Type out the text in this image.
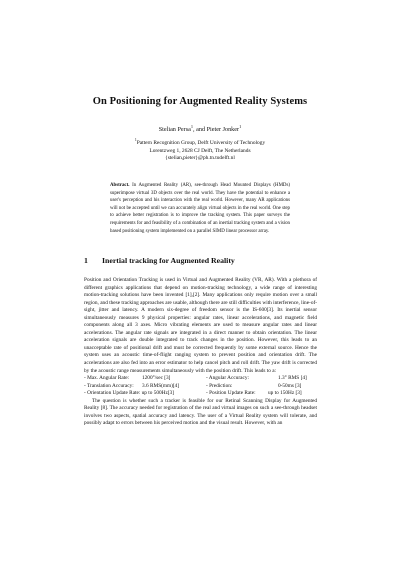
On Positioning for Augmented Reality Systems
Stelian Persa$^1$, and Pieter Jonker$^1$
$^1$Pattern Recognition Group, Delft University of Technology
Lorentzweg 1, 2628 CJ Delft, The Netherlands
{stelian,pieter}@ph.tn.tudelft.nl
Abstract. In Augmented Reality (AR), see-through Head Mounted Displays (HMDs) superimpose virtual 3D objects over the real world. They have the potential to enhance a user's perception and his interaction with the real world. However, many AR applications will not be accepted until we can accurately align virtual objects in the real world. One step to achieve better registration is to improve the tracking system. This paper surveys the requirements for and feasibility of a combination of an inertial tracking system and a vision based positioning system implemented on a parallel SIMD linear processor array.
1 Inertial tracking for Augmented Reality

Position and Orientation Tracking is used in Virtual and Augmented Reality (VR, AR). With a plethora of different graphics applications that depend on motion-tracking technology, a wide range of interesting motion-tracking solutions have been invented [1],[2]. Many applications only require motion over a small region, and these tracking approaches are usable, although there are still difficulties with interference, line-of-sight, jitter and latency. A modern six-degree of freedom sensor is the IS-600[3]. Its inertial sensor simultaneously measures 9 physical properties: angular rates, linear accelerations, and magnetic field components along all 3 axes. Micro vibrating elements are used to measure angular rates and linear accelerations. The angular rate signals are integrated in a direct manner to obtain orientation. The linear acceleration signals are double integrated to track changes in the position. However, this leads to an unacceptable rate of positional drift and must be corrected frequently by some external source. Hence the system uses an acoustic time-of-flight ranging system to prevent position and orientation drift. The accelerations are also fed into an error estimator to help cancel pitch and roll drift. The yaw drift is corrected by the acoustic range measurements simultaneously with the position drift. This leads to a:

- Max. Angular Rate: 1200°/sec [3]	- Angular Accuracy:	1.3° RMS [4]
- Translation Accuracy: 3.6 RMS(mm)[4]	- Prediction:	0-50ms [3]
- Orientation Update Rate: up to 500Hz[3]	- Position Update Rate: up to 150Hz [3]

The question is whether such a tracker is feasible for our Retinal Scanning Display for Augmented Reality [8]. The accuracy needed for registration of the real and virtual images on such a see-through headset involves two aspects, spatial accuracy and latency. The user of a Virtual Reality system will tolerate, and possibly adapt to errors between his perceived motion and the visual result. However, with an
